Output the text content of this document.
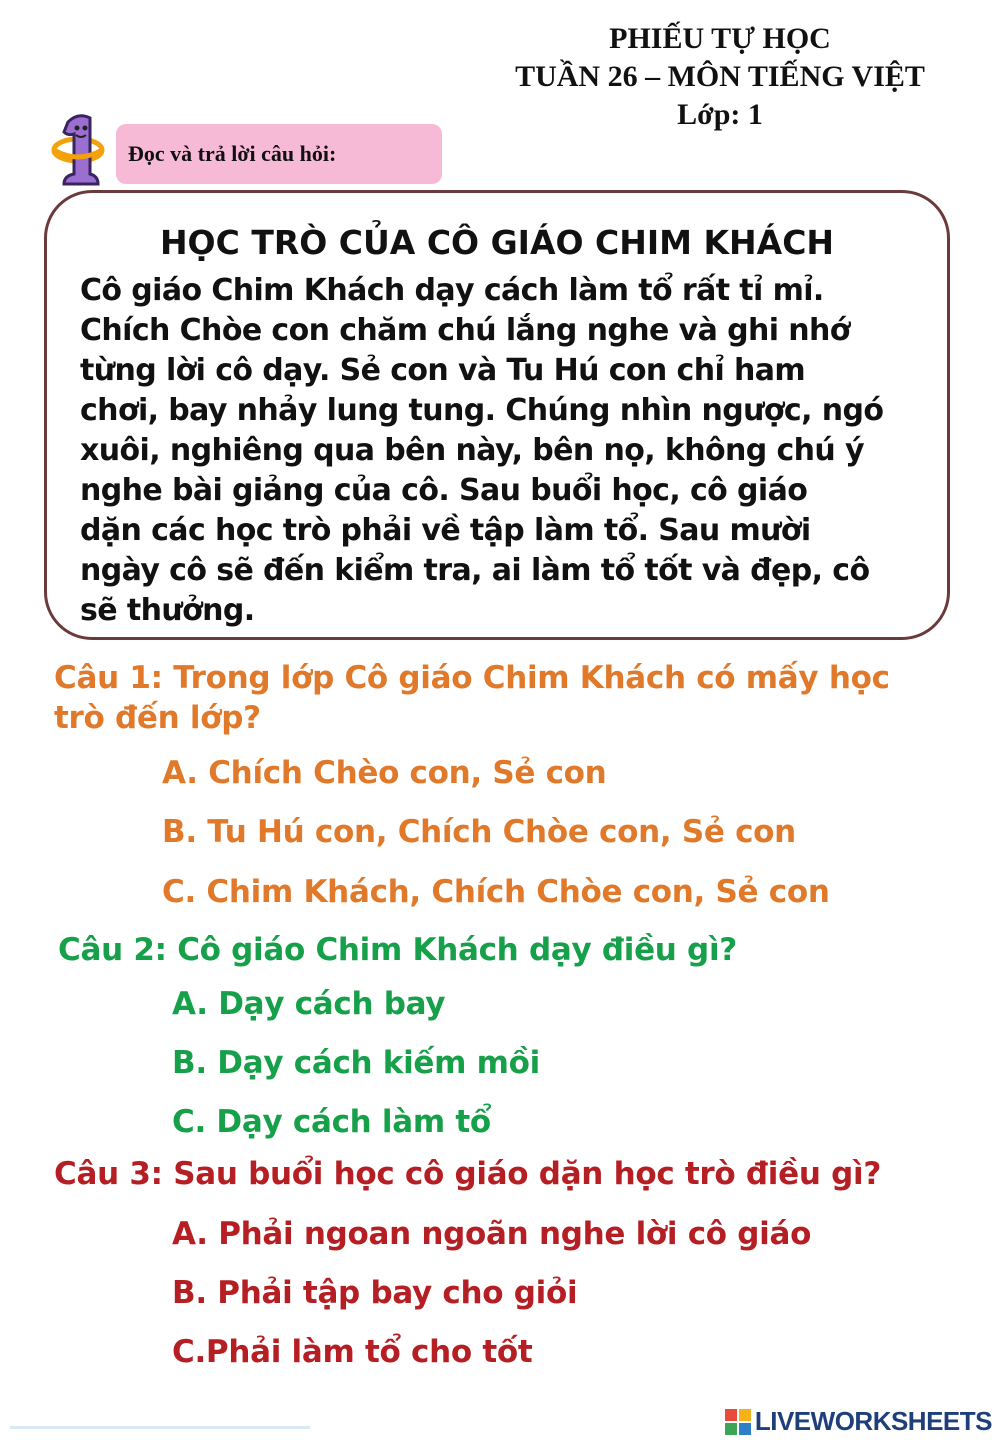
PHIẾU TỰ HỌC
TUẦN 26 – MÔN TIẾNG VIỆT
Lớp: 1
Đọc và trả lời câu hỏi:
HỌC TRÒ CỦA CÔ GIÁO CHIM KHÁCH

Cô giáo Chim Khách dạy cách làm tổ rất tỉ mỉ.
Chích Chòe con chăm chú lắng nghe và ghi nhớ
từng lời cô dạy. Sẻ con và Tu Hú con chỉ ham
chơi, bay nhảy lung tung. Chúng nhìn ngược, ngó
xuôi, nghiêng qua bên này, bên nọ, không chú ý
nghe bài giảng của cô. Sau buổi học, cô giáo
dặn các học trò phải về tập làm tổ. Sau mười
ngày cô sẽ đến kiểm tra, ai làm tổ tốt và đẹp, cô
sẽ thưởng.

Câu 1: Trong lớp Cô giáo Chim Khách có mấy học
trò đến lớp?
A. Chích Chèo con, Sẻ con
B. Tu Hú con, Chích Chòe con, Sẻ con
C. Chim Khách, Chích Chòe con, Sẻ con
Câu 2: Cô giáo Chim Khách dạy điều gì?
A. Dạy cách bay
B. Dạy cách kiếm mồi
C. Dạy cách làm tổ
Câu 3: Sau buổi học cô giáo dặn học trò điều gì?
A. Phải ngoan ngoãn nghe lời cô giáo
B. Phải tập bay cho giỏi
C.Phải làm tổ cho tốt
LIVEWORKSHEETS
